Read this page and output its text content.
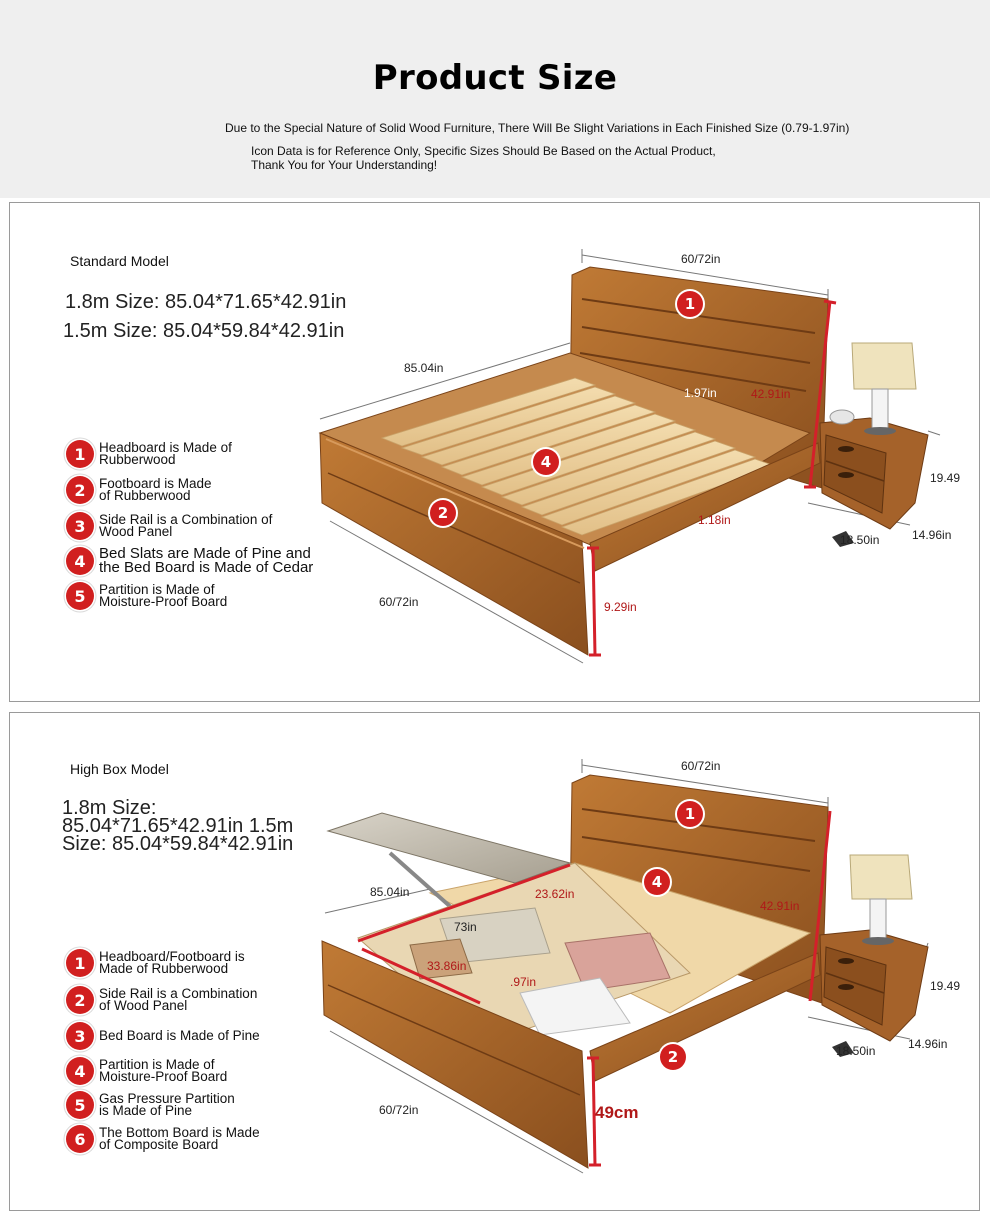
Product Size
Due to the Special Nature of Solid Wood Furniture, There Will Be Slight Variations in Each Finished Size (0.79-1.97in)
Icon Data is for Reference Only, Specific Sizes Should Be Based on the Actual Product,
Thank You for Your Understanding!
Standard Model
1.8m Size: 85.04*71.65*42.91in
1.5m Size: 85.04*59.84*42.91in
1 Headboard is Made of
Rubberwood
2 Footboard is Made
of Rubberwood
3 Side Rail is a Combination of
Wood Panel
4 Bed Slats are Made of Pine and
the Bed Board is Made of Cedar
5 Partition is Made of
Moisture-Proof Board
60/72in
85.04in
42.91in
1.97in
1.18in
60/72in	9.29in
19.49
18.50in	14.96in
1
4
2
High Box Model
1.8m Size:
85.04*71.65*42.91in 1.5m
Size: 85.04*59.84*42.91in
1 Headboard/Footboard is
Made of Rubberwood
2 Side Rail is a Combination
of Wood Panel
3 Bed Board is Made of Pine
4 Partition is Made of
Moisture-Proof Board
5 Gas Pressure Partition
is Made of Pine
6 The Bottom Board is Made
of Composite Board
60/72in
85.04in	23.62in
42.91in
33.86in
73in
.97in
60/72in	49cm
19.49
18.50in	14.96in
1
4
2
